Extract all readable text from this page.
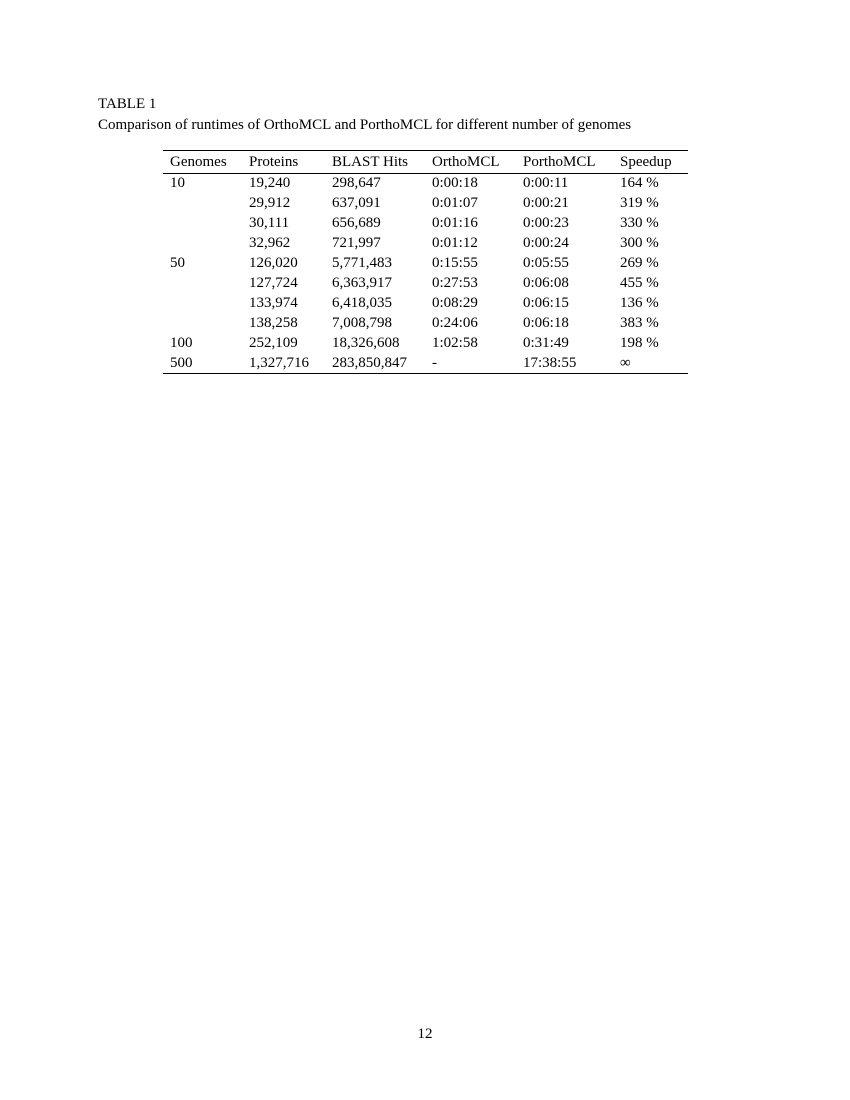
TABLE 1
Comparison of runtimes of OrthoMCL and PorthoMCL for different number of genomes
Genomes	Proteins	BLAST Hits	OrthoMCL	PorthoMCL	Speedup
10	19,240	298,647	0:00:18	0:00:11	164 %
	29,912	637,091	0:01:07	0:00:21	319 %
	30,111	656,689	0:01:16	0:00:23	330 %
	32,962	721,997	0:01:12	0:00:24	300 %
50	126,020	5,771,483	0:15:55	0:05:55	269 %
	127,724	6,363,917	0:27:53	0:06:08	455 %
	133,974	6,418,035	0:08:29	0:06:15	136 %
	138,258	7,008,798	0:24:06	0:06:18	383 %
100	252,109	18,326,608	1:02:58	0:31:49	198 %
500	1,327,716	283,850,847	-	17:38:55	∞
12
